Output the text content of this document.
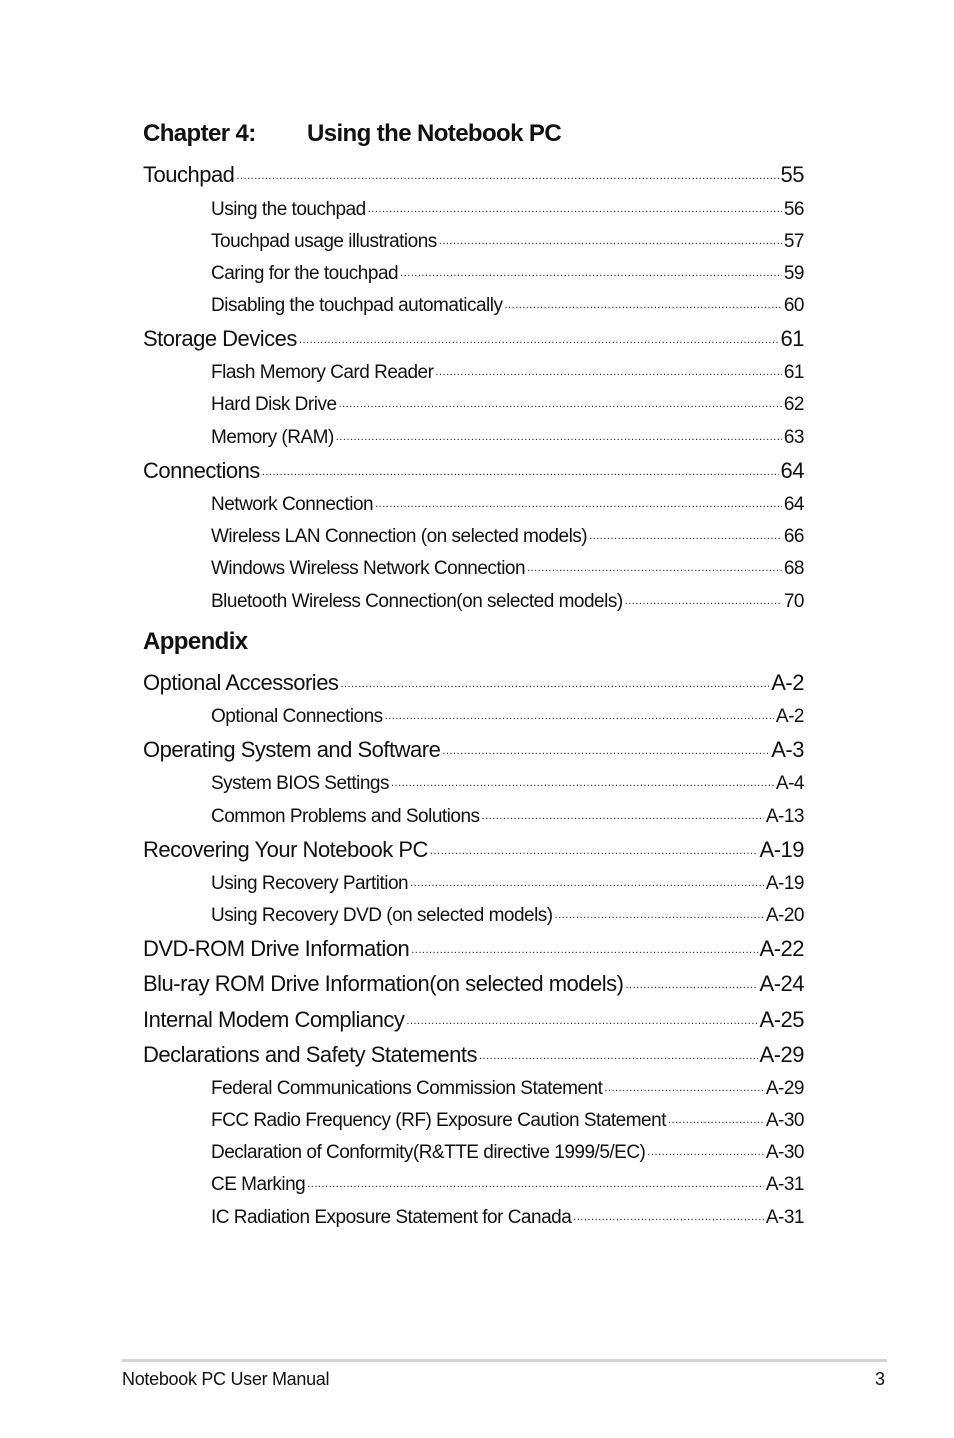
Chapter 4: Using the Notebook PC
Touchpad .....	55
Using the touchpad .....	56
Touchpad usage illustrations .....	57
Caring for the touchpad .....	59
Disabling the touchpad automatically .....	60
Storage Devices .....	61
Flash Memory Card Reader .....	61
Hard Disk Drive .....	62
Memory (RAM) .....	63
Connections .....	64
Network Connection .....	64
Wireless LAN Connection (on selected models) .....	66
Windows Wireless Network Connection .....	68
Bluetooth Wireless Connection(on selected models) .....	70
Appendix
Optional Accessories .....	A-2
Optional Connections .....	A-2
Operating System and Software .....	A-3
System BIOS Settings .....	A-4
Common Problems and Solutions .....	A-13
Recovering Your Notebook PC .....	A-19
Using Recovery Partition .....	A-19
Using Recovery DVD (on selected models) .....	A-20
DVD-ROM Drive Information .....	A-22
Blu-ray ROM Drive Information(on selected models) .....	A-24
Internal Modem Compliancy .....	A-25
Declarations and Safety Statements .....	A-29
Federal Communications Commission Statement .....	A-29
FCC Radio Frequency (RF) Exposure Caution Statement .....	A-30
Declaration of Conformity(R&TTE directive 1999/5/EC) .....	A-30
CE Marking .....	A-31
IC Radiation Exposure Statement for Canada .....	A-31
Notebook PC User Manual	3
